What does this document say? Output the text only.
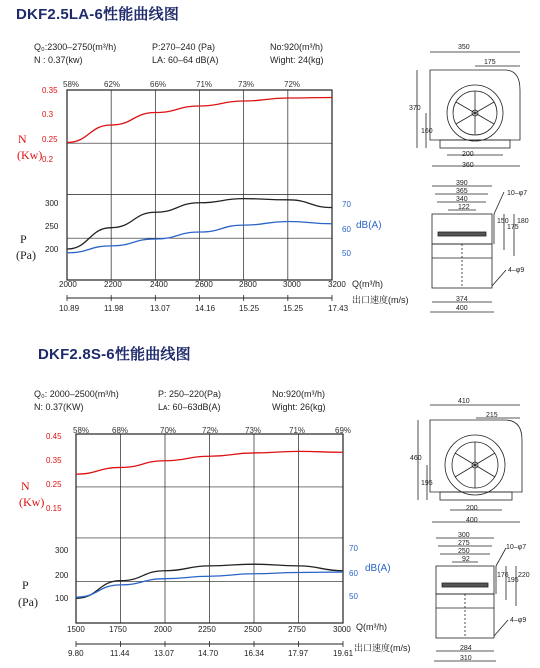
DKF2.5LA-6性能曲线图
Q₀:2300–2750(m³/h)
N : 0.37(kw)
P:270–240 (Pa)
LA: 60–64 dB(A)
No:920(m³/h)
Wight: 24(kg)
58%	62%	66%	71%	73%	72%
0.35
0.3
0.25
0.2
N
(Kw)
300
250
200
P
(Pa)
70
60
50
dB(A)
2000	2200	2400	2600	2800	3000	3200 Q(m³/h)
出口速度(m/s)
10.89	11.98	13.07	14.16	15.25	15.25	17.43
DKF2.8S-6性能曲线图
Q₀: 2000–2500(m³/h)
N: 0.37(KW)
P: 250–220(Pa)
Lᴀ: 60–63dB(A)
No:920(m³/h)
Wight: 26(kg)
58%	68%	70%	72%	73%	71%	69%
0.45
0.35
0.25
0.15
N
(Kw)
300
200
100
P
(Pa)
70
60
50
dB(A)
1500	1750	2000	2250	2500	2750	3000 Q(m³/h)
出口速度(m/s)
9.80	11.44	13.07	14.70	16.34	17.97	19.61
350
175
370
160
200
360
390
365
340
122
10–φ7
150
175
180
4–φ9
374
400
410
215
460
195
200
400
300
275
250
92
10–φ7
176
195
220
4–φ9
284
310
